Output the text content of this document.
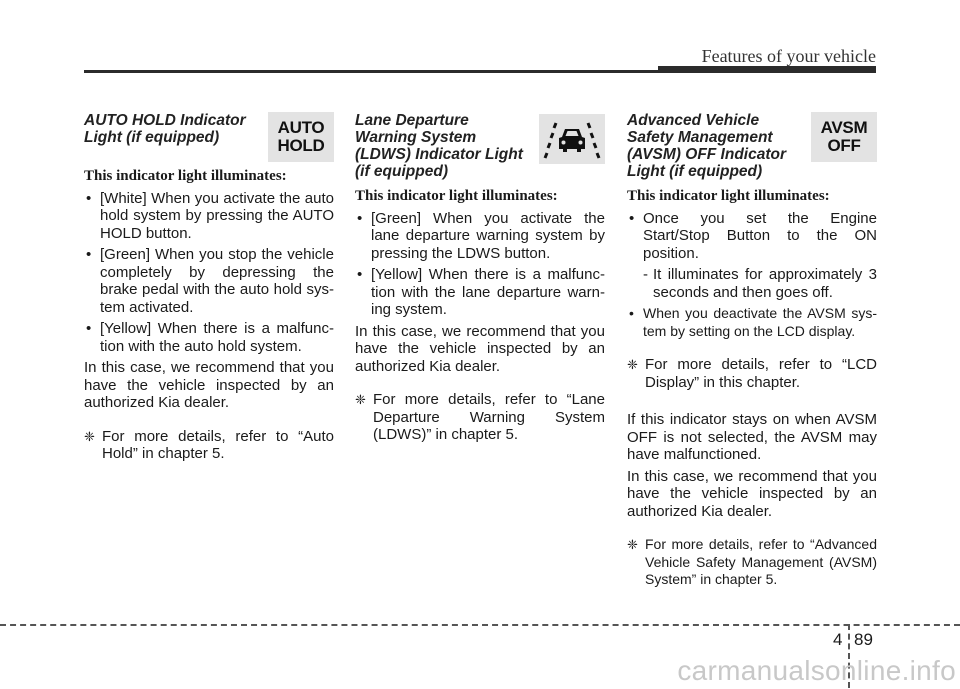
Features of your vehicle
AUTO HOLD Indicator Light (if equipped)
AUTO
HOLD
This indicator light illuminates:
• [White] When you activate the auto hold system by pressing the AUTO HOLD button.
• [Green] When you stop the vehicle completely by depressing the brake pedal with the auto hold sys-tem activated.
• [Yellow] When there is a malfunc-tion with the auto hold system.
In this case, we recommend that you have the vehicle inspected by an authorized Kia dealer.
❈ For more details, refer to “Auto Hold” in chapter 5.
Lane Departure Warning System (LDWS) Indicator Light (if equipped)
This indicator light illuminates:
• [Green] When you activate the lane departure warning system by pressing the LDWS button.
• [Yellow] When there is a malfunc-tion with the lane departure warn-ing system.
In this case, we recommend that you have the vehicle inspected by an authorized Kia dealer.
❈ For more details, refer to “Lane Departure Warning System (LDWS)” in chapter 5.
Advanced Vehicle Safety Management (AVSM) OFF Indicator Light (if equipped)
AVSM
OFF
This indicator light illuminates:
• Once you set the Engine Start/Stop Button to the ON position.
- It illuminates for approximately 3 seconds and then goes off.
• When you deactivate the AVSM sys-tem by setting on the LCD display.
❈ For more details, refer to “LCD Display” in this chapter.
If this indicator stays on when AVSM OFF is not selected, the AVSM may have malfunctioned.
In this case, we recommend that you have the vehicle inspected by an authorized Kia dealer.
❈ For more details, refer to “Advanced Vehicle Safety Management (AVSM) System” in chapter 5.
4 89
carmanualsonline.info
